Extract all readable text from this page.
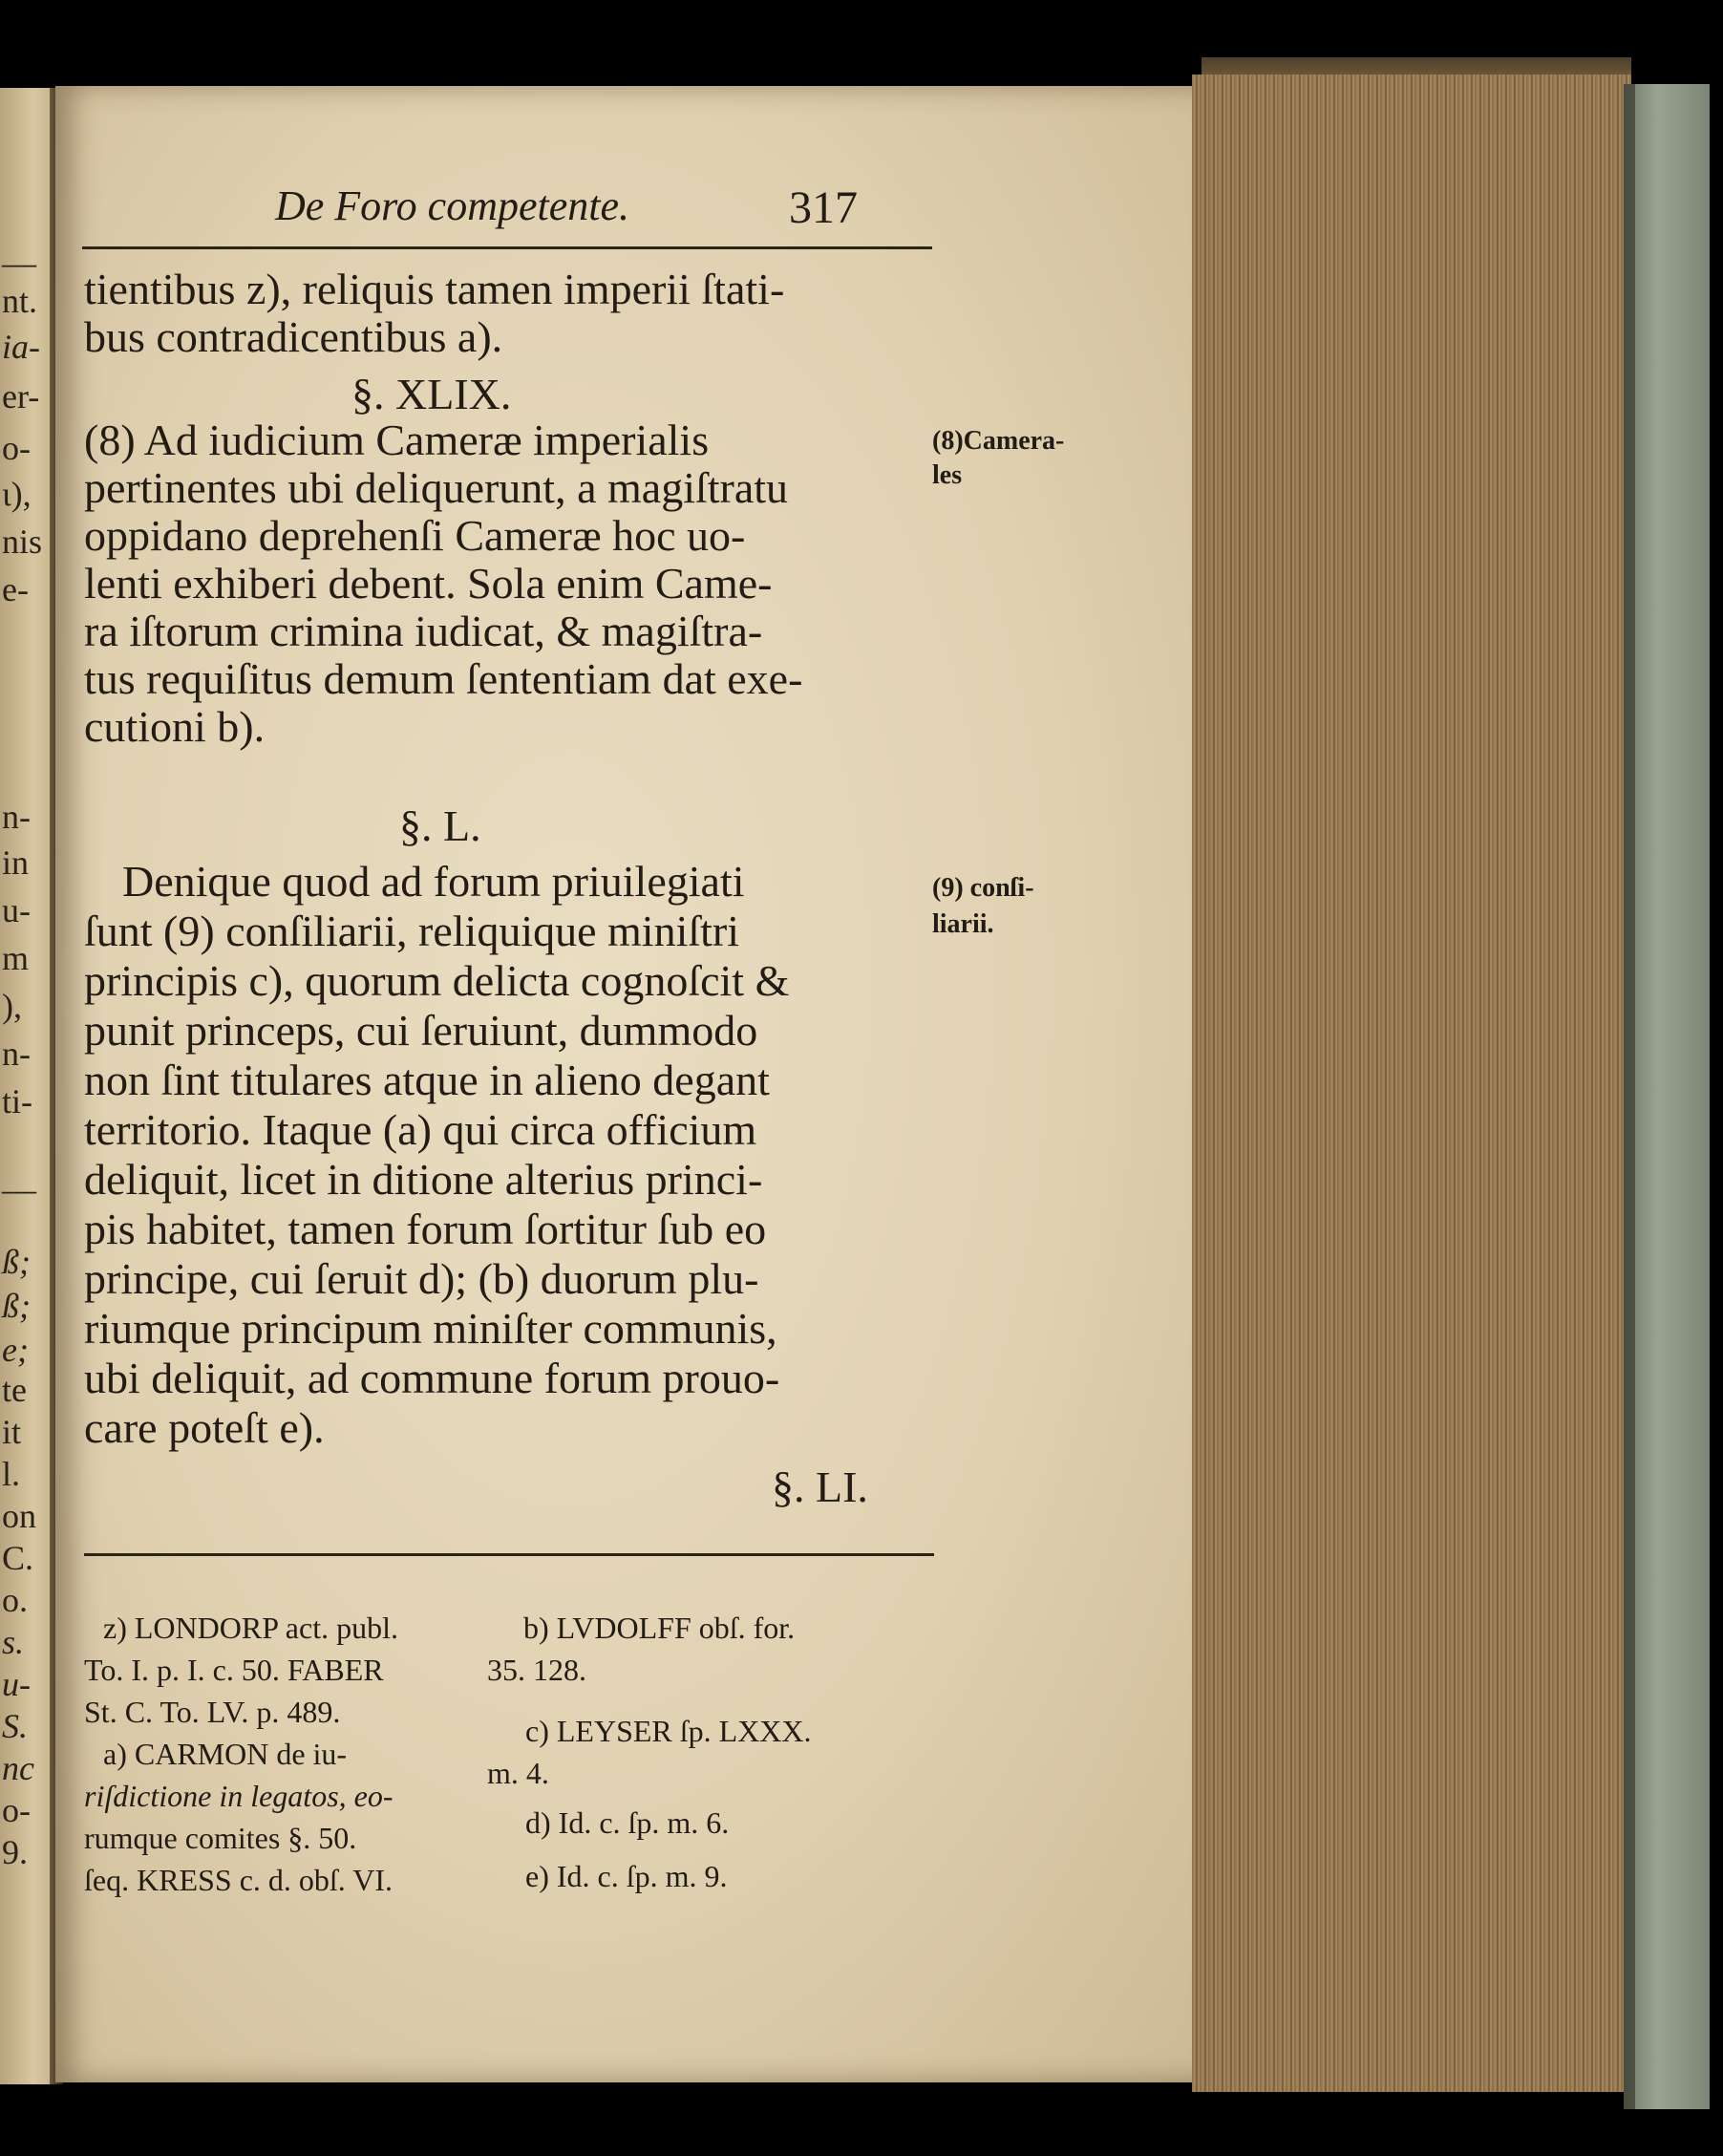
—
nt.
ia-
er-
o-
ι),
nis
e-
n-
in
u-
m
),
n-
ti-
—
ß;
ß;
e;
te
it
l.
on
C.
o.
s.
u-
S.
nc
o-
9.
De Foro competente.	317
tientibus z), reliquis tamen imperii ſtati-
bus contradicentibus a).
§. XLIX.
(8) Ad iudicium Cameræ imperialis
pertinentes ubi deliquerunt, a magiſtratu
oppidano deprehenſi Cameræ hoc uo-
lenti exhiberi debent. Sola enim Came-
ra iſtorum crimina iudicat, & magiſtra-
tus requiſitus demum ſententiam dat exe-
cutioni b).
§. L.
Denique quod ad forum priuilegiati
ſunt (9) conſiliarii, reliquique miniſtri
principis c), quorum delicta cognoſcit &
punit princeps, cui ſeruiunt, dummodo
non ſint titulares atque in alieno degant
territorio. Itaque (a) qui circa officium
deliquit, licet in ditione alterius princi-
pis habitet, tamen forum ſortitur ſub eo
principe, cui ſeruit d); (b) duorum plu-
riumque principum miniſter communis,
ubi deliquit, ad commune forum prouo-
care poteſt e).
§. LI.
(8)Camera-
les
(9) conſi-
liarii.
z) LONDORP act. publ.
To. I. p. I. c. 50. FABER
St. C. To. LV. p. 489.
a) CARMON de iu-
riſdictione in legatos, eo-
rumque comites §. 50.
ſeq. KRESS c. d. obſ. VI.
b) LVDOLFF obſ. for.
35. 128.
c) LEYSER ſp. LXXX.
m. 4.
d) Id. c. ſp. m. 6.
e) Id. c. ſp. m. 9.
